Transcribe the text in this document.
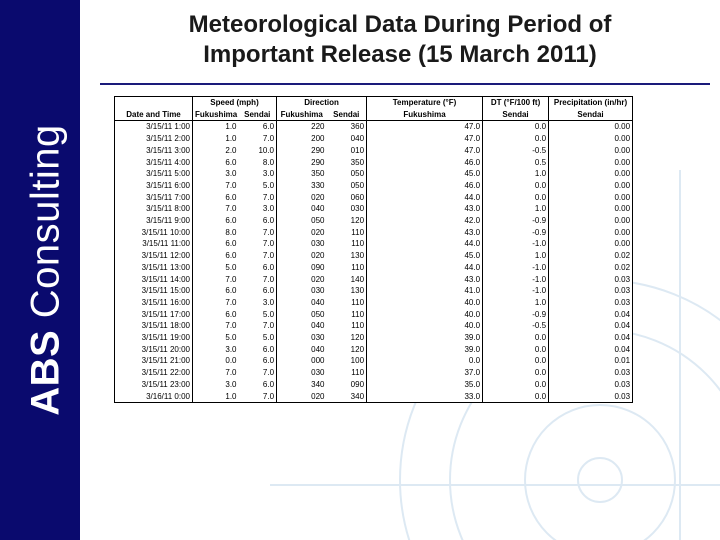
ABS Consulting
Meteorological Data During Period of
Important Release (15 March 2011)
	Speed (mph)		Direction		Temperature (°F)	DT (°F/100 ft)	Precipitation (in/hr)
Date and Time	Fukushima	Sendai	Fukushima	Sendai	Fukushima	Sendai	Sendai
3/15/11 1:00	1.0	6.0	220	360	47.0	0.0	0.00
3/15/11 2:00	1.0	7.0	200	040	47.0	0.0	0.00
3/15/11 3:00	2.0	10.0	290	010	47.0	-0.5	0.00
3/15/11 4:00	6.0	8.0	290	350	46.0	0.5	0.00
3/15/11 5:00	3.0	3.0	350	050	45.0	1.0	0.00
3/15/11 6:00	7.0	5.0	330	050	46.0	0.0	0.00
3/15/11 7:00	6.0	7.0	020	060	44.0	0.0	0.00
3/15/11 8:00	7.0	3.0	040	030	43.0	1.0	0.00
3/15/11 9:00	6.0	6.0	050	120	42.0	-0.9	0.00
3/15/11 10:00	8.0	7.0	020	110	43.0	-0.9	0.00
3/15/11 11:00	6.0	7.0	030	110	44.0	-1.0	0.00
3/15/11 12:00	6.0	7.0	020	130	45.0	1.0	0.02
3/15/11 13:00	5.0	6.0	090	110	44.0	-1.0	0.02
3/15/11 14:00	7.0	7.0	020	140	43.0	-1.0	0.03
3/15/11 15:00	6.0	6.0	030	130	41.0	-1.0	0.03
3/15/11 16:00	7.0	3.0	040	110	40.0	1.0	0.03
3/15/11 17:00	6.0	5.0	050	110	40.0	-0.9	0.04
3/15/11 18:00	7.0	7.0	040	110	40.0	-0.5	0.04
3/15/11 19:00	5.0	5.0	030	120	39.0	0.0	0.04
3/15/11 20:00	3.0	6.0	040	120	39.0	0.0	0.04
3/15/11 21:00	0.0	6.0	000	100	0.0	0.0	0.01
3/15/11 22:00	7.0	7.0	030	110	37.0	0.0	0.03
3/15/11 23:00	3.0	6.0	340	090	35.0	0.0	0.03
3/16/11 0:00	1.0	7.0	020	340	33.0	0.0	0.03
